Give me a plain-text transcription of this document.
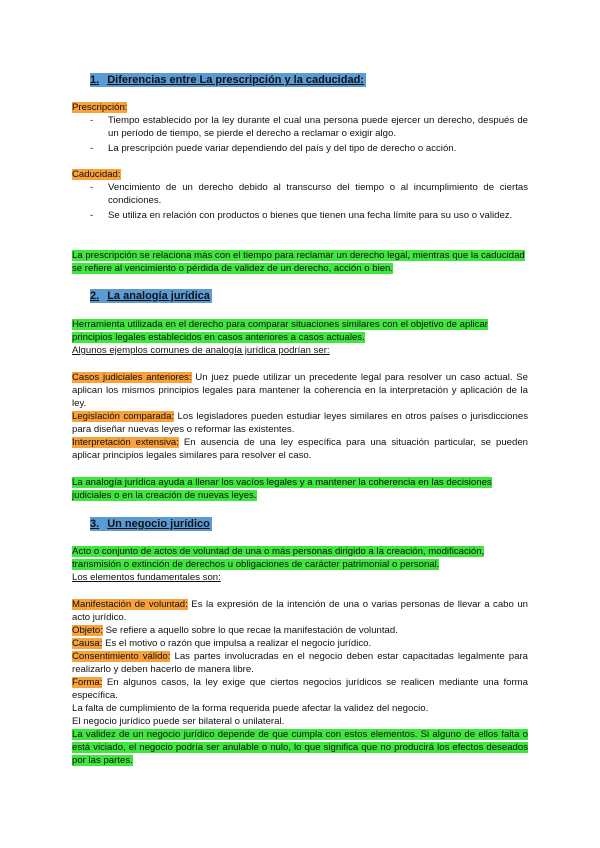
1. Diferencias entre La prescripción y la caducidad:

Prescripción:

- Tiempo establecido por la ley durante el cual una persona puede ejercer un derecho, después de un período de tiempo, se pierde el derecho a reclamar o exigir algo.
- La prescripción puede variar dependiendo del país y del tipo de derecho o acción.

Caducidad:

- Vencimiento de un derecho debido al transcurso del tiempo o al incumplimiento de ciertas condiciones.
- Se utiliza en relación con productos o bienes que tienen una fecha límite para su uso o validez.

La prescripción se relaciona más con el tiempo para reclamar un derecho legal, mientras que la caducidad se refiere al vencimiento o pérdida de validez de un derecho, acción o bien.

2. La analogía jurídica

Herramienta utilizada en el derecho para comparar situaciones similares con el objetivo de aplicar principios legales establecidos en casos anteriores a casos actuales.

Algunos ejemplos comunes de analogía jurídica podrían ser:

Casos judiciales anteriores: Un juez puede utilizar un precedente legal para resolver un caso actual. Se aplican los mismos principios legales para mantener la coherencia en la interpretación y aplicación de la ley.

Legislación comparada: Los legisladores pueden estudiar leyes similares en otros países o jurisdicciones para diseñar nuevas leyes o reformar las existentes.

Interpretación extensiva: En ausencia de una ley específica para una situación particular, se pueden aplicar principios legales similares para resolver el caso.

La analogía jurídica ayuda a llenar los vacíos legales y a mantener la coherencia en las decisiones judiciales o en la creación de nuevas leyes.

3. Un negocio jurídico

Acto o conjunto de actos de voluntad de una o más personas dirigido a la creación, modificación, transmisión o extinción de derechos u obligaciones de carácter patrimonial o personal.

Los elementos fundamentales son:

Manifestación de voluntad: Es la expresión de la intención de una o varias personas de llevar a cabo un acto jurídico.

Objeto: Se refiere a aquello sobre lo que recae la manifestación de voluntad.

Causa: Es el motivo o razón que impulsa a realizar el negocio jurídico.

Consentimiento válido: Las partes involucradas en el negocio deben estar capacitadas legalmente para realizarlo y deben hacerlo de manera libre.

Forma: En algunos casos, la ley exige que ciertos negocios jurídicos se realicen mediante una forma específica.

La falta de cumplimiento de la forma requerida puede afectar la validez del negocio.

El negocio jurídico puede ser bilateral o unilateral.

La validez de un negocio jurídico depende de que cumpla con estos elementos. Si alguno de ellos falta o está viciado, el negocio podría ser anulable o nulo, lo que significa que no producirá los efectos deseados por las partes.
